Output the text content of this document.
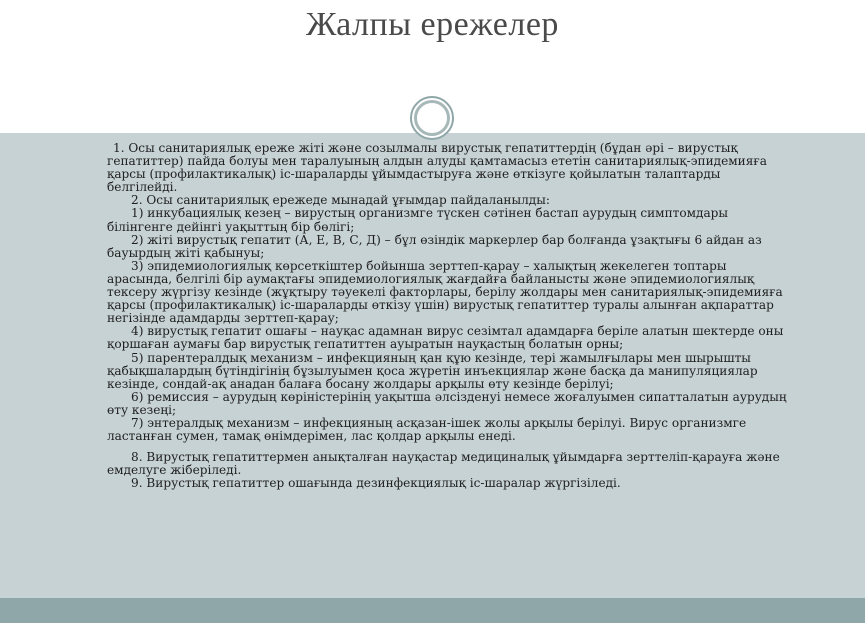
Жалпы ережелер

1. Осы санитариялық ереже жіті және созылмалы вирустық гепатиттердің (бұдан әрі – вирустық гепатиттер) пайда болуы мен таралуының алдын алуды қамтамасыз ететін санитариялық-эпидемияға қарсы (профилактикалық) іс-шараларды ұйымдастыруға және өткізуге қойылатын талаптарды белгілейді.

2. Осы санитариялық ережеде мынадай ұғымдар пайдаланылды:

1) инкубациялық кезең – вирустың организмге түскен сәтінен бастап аурудың симптомдары білінгенге дейінгі уақыттың бір бөлігі;

2) жіті вирустық гепатит (А, Е, В, С, Д) – бұл өзіндік маркерлер бар болғанда ұзақтығы 6 айдан аз бауырдың жіті қабынуы;

3) эпидемиологиялық көрсеткіштер бойынша зерттеп-қарау – халықтың жекелеген топтары арасында, белгілі бір аумақтағы эпидемиологиялық жағдайға байланысты және эпидемиологиялық тексеру жүргізу кезінде (жұқтыру тәуекелі факторлары, берілу жолдары мен санитариялық-эпидемияға қарсы (профилактикалық) іс-шараларды өткізу үшін) вирустық гепатиттер туралы алынған ақпараттар негізінде адамдарды зерттеп-қарау;

4) вирустық гепатит ошағы – науқас адамнан вирус сезімтал адамдарға беріле алатын шектерде оны қоршаған аумағы бар вирустық гепатиттен ауыратын науқастың болатын орны;

5) парентералдық механизм – инфекцияның қан құю кезінде, тері жамылғылары мен шырышты қабықшалардың бүтіндігінің бұзылуымен қоса жүретін инъекциялар және басқа да манипуляциялар кезінде, сондай-ақ анадан балаға босану жолдары арқылы өту кезінде берілуі;

6) ремиссия – аурудың көріністерінің уақытша әлсізденуі немесе жоғалуымен сипатталатын аурудың өту кезеңі;

7) энтералдық механизм – инфекцияның асқазан-ішек жолы арқылы берілуі. Вирус организмге ластанған сумен, тамақ өнімдерімен, лас қолдар арқылы енеді.

8. Вирустық гепатиттермен анықталған науқастар медициналық ұйымдарға зерттеліп-қарауға және емделуге жіберіледі.

9. Вирустық гепатиттер ошағында дезинфекциялық іс-шаралар жүргізіледі.
